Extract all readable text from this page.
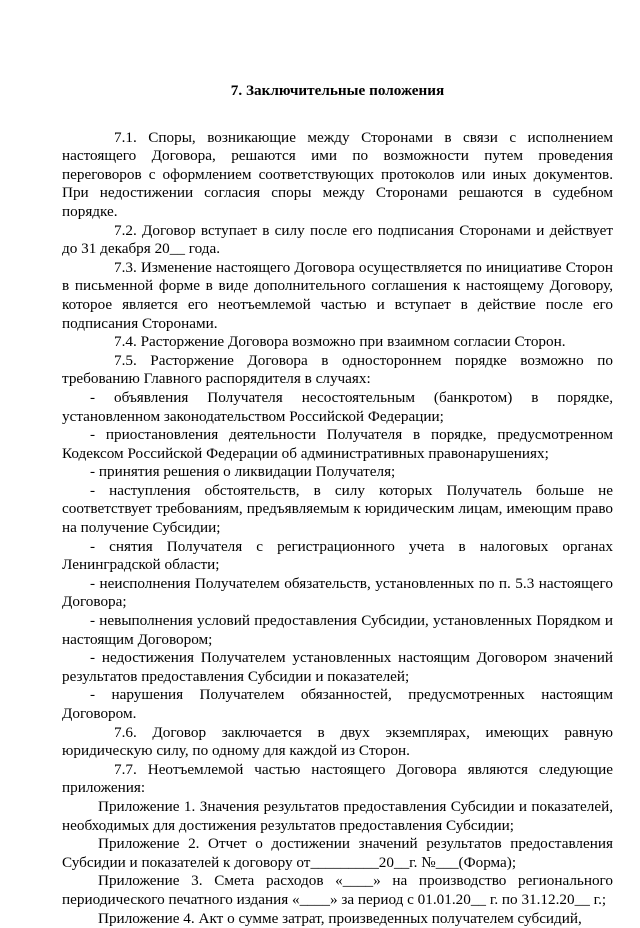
7. Заключительные положения

7.1. Споры, возникающие между Сторонами в связи с исполнением настоящего Договора, решаются ими по возможности путем проведения переговоров с оформлением соответствующих протоколов или иных документов. При недостижении согласия споры между Сторонами решаются в судебном порядке.

7.2. Договор вступает в силу после его подписания Сторонами и действует до 31 декабря 20__ года.

7.3. Изменение настоящего Договора осуществляется по инициативе Сторон в письменной форме в виде дополнительного соглашения к настоящему Договору, которое является его неотъемлемой частью и вступает в действие после его подписания Сторонами.

7.4. Расторжение Договора возможно при взаимном согласии Сторон.

7.5. Расторжение Договора в одностороннем порядке возможно по требованию Главного распорядителя в случаях:

- объявления Получателя несостоятельным (банкротом) в порядке, установленном законодательством Российской Федерации;

- приостановления деятельности Получателя в порядке, предусмотренном Кодексом Российской Федерации об административных правонарушениях;

- принятия решения о ликвидации Получателя;

- наступления обстоятельств, в силу которых Получатель больше не соответствует требованиям, предъявляемым к юридическим лицам, имеющим право на получение Субсидии;

- снятия Получателя с регистрационного учета в налоговых органах Ленинградской области;

- неисполнения Получателем обязательств, установленных по п. 5.3 настоящего Договора;

- невыполнения условий предоставления Субсидии, установленных Порядком и настоящим Договором;

- недостижения Получателем установленных настоящим Договором значений результатов предоставления Субсидии и показателей;

- нарушения Получателем обязанностей, предусмотренных настоящим Договором.

7.6. Договор заключается в двух экземплярах, имеющих равную юридическую силу, по одному для каждой из Сторон.

7.7. Неотъемлемой частью настоящего Договора являются следующие приложения:

Приложение 1. Значения результатов предоставления Субсидии и показателей, необходимых для достижения результатов предоставления Субсидии;

Приложение 2. Отчет о достижении значений результатов предоставления Субсидии и показателей к договору от_________20__г. №___(Форма);

Приложение 3. Смета расходов «____» на производство регионального периодического печатного издания «____» за период с 01.01.20__ г. по 31.12.20__ г.;

Приложение 4. Акт о сумме затрат, произведенных получателем субсидий,
